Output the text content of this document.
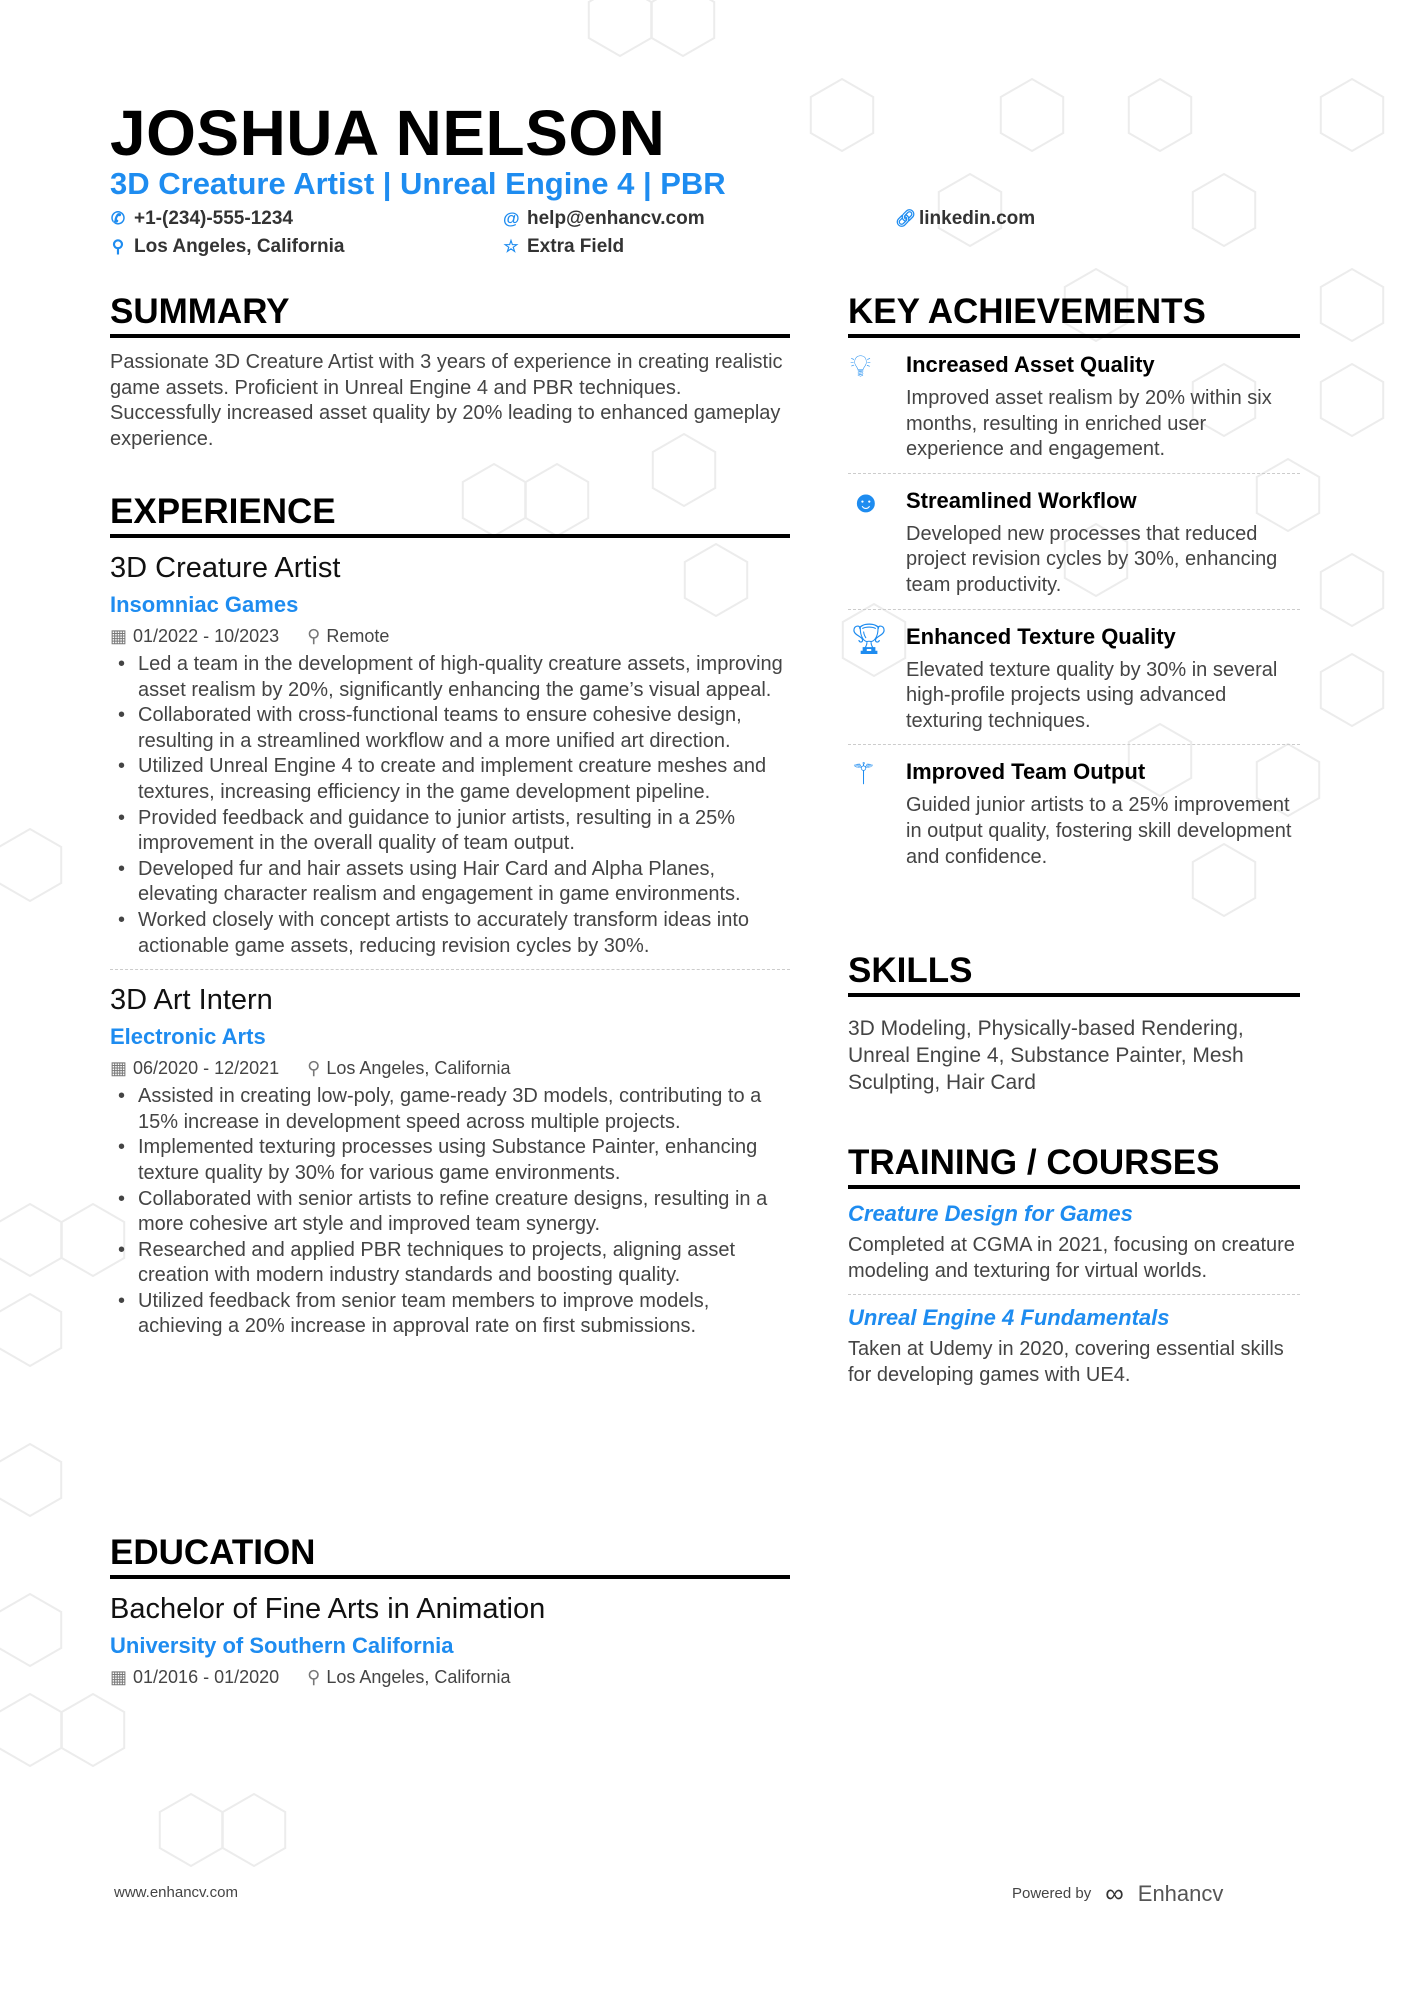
JOSHUA NELSON
3D Creature Artist | Unreal Engine 4 | PBR
✆ +1-(234)-555-1234	@ help@enhancv.com	🔗︎ linkedin.com
⚲ Los Angeles, California	☆ Extra Field
SUMMARY
Passionate 3D Creature Artist with 3 years of experience in creating realistic game assets. Proficient in Unreal Engine 4 and PBR techniques. Successfully increased asset quality by 20% leading to enhanced gameplay experience.
EXPERIENCE
3D Creature Artist
Insomniac Games
▦ 01/2022 - 10/2023 ⚲ Remote
• Led a team in the development of high-quality creature assets, improving asset realism by 20%, significantly enhancing the game’s visual appeal.
• Collaborated with cross-functional teams to ensure cohesive design, resulting in a streamlined workflow and a more unified art direction.
• Utilized Unreal Engine 4 to create and implement creature meshes and textures, increasing efficiency in the game development pipeline.
• Provided feedback and guidance to junior artists, resulting in a 25% improvement in the overall quality of team output.
• Developed fur and hair assets using Hair Card and Alpha Planes, elevating character realism and engagement in game environments.
• Worked closely with concept artists to accurately transform ideas into actionable game assets, reducing revision cycles by 30%.
3D Art Intern
Electronic Arts
▦ 06/2020 - 12/2021 ⚲ Los Angeles, California
• Assisted in creating low-poly, game-ready 3D models, contributing to a 15% increase in development speed across multiple projects.
• Implemented texturing processes using Substance Painter, enhancing texture quality by 30% for various game environments.
• Collaborated with senior artists to refine creature designs, resulting in a more cohesive art style and improved team synergy.
• Researched and applied PBR techniques to projects, aligning asset creation with modern industry standards and boosting quality.
• Utilized feedback from senior team members to improve models, achieving a 20% increase in approval rate on first submissions.
EDUCATION
Bachelor of Fine Arts in Animation
University of Southern California
▦ 01/2016 - 01/2020 ⚲ Los Angeles, California
KEY ACHIEVEMENTS
💡︎	Increased Asset Quality
Improved asset realism by 20% within six months, resulting in enriched user experience and engagement.
☻	Streamlined Workflow
Developed new processes that reduced project revision cycles by 30%, enhancing team productivity.
🏆︎ Enhanced Texture Quality
Elevated texture quality by 30% in several high-profile projects using advanced texturing techniques.
⚚	Improved Team Output
Guided junior artists to a 25% improvement in output quality, fostering skill development and confidence.
SKILLS
3D Modeling, Physically-based Rendering, Unreal Engine 4, Substance Painter, Mesh Sculpting, Hair Card
TRAINING / COURSES
Creature Design for Games
Completed at CGMA in 2021, focusing on creature modeling and texturing for virtual worlds.
Unreal Engine 4 Fundamentals
Taken at Udemy in 2020, covering essential skills for developing games with UE4.
www.enhancv.com	Powered by ∞ Enhancv
